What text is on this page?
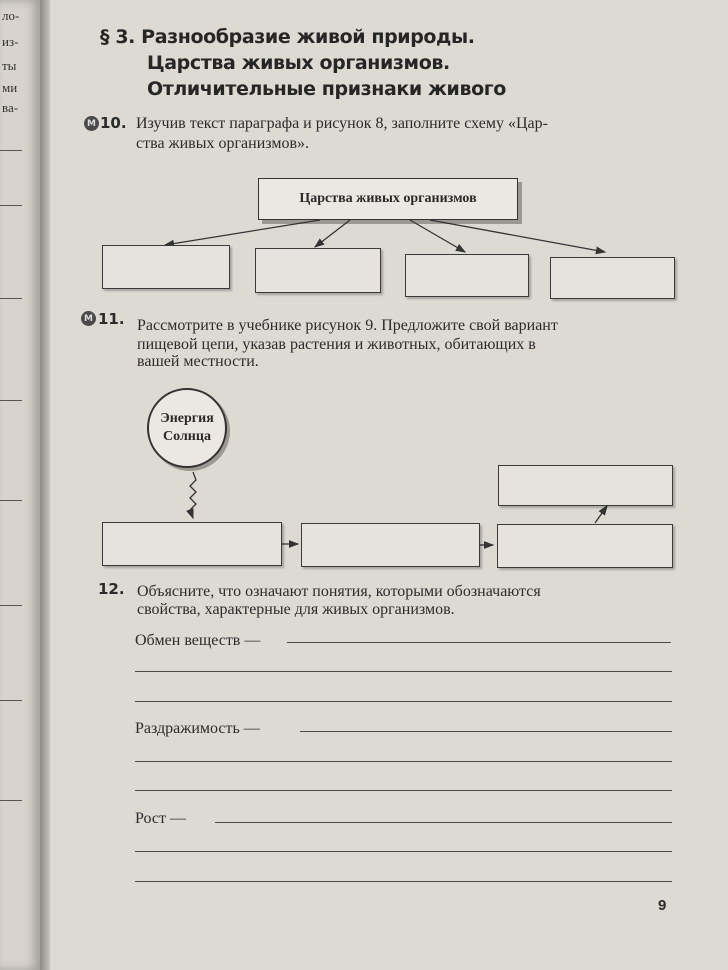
ло-
из-
ты
ми
ва-
§ 3. Разнообразие живой природы.
Царства живых организмов.
Отличительные признаки живого
М 10. Изучив текст параграфа и рисунок 8, заполните схему «Цар-
ства живых организмов».
Царства живых организмов
М 11. Рассмотрите в учебнике рисунок 9. Предложите свой вариант
пищевой цепи, указав растения и животных, обитающих в
вашей местности.
Энергия
Солнца
12. Объясните, что означают понятия, которыми обозначаются
свойства, характерные для живых организмов.
Обмен веществ —
Раздражимость —
Рост —
9
